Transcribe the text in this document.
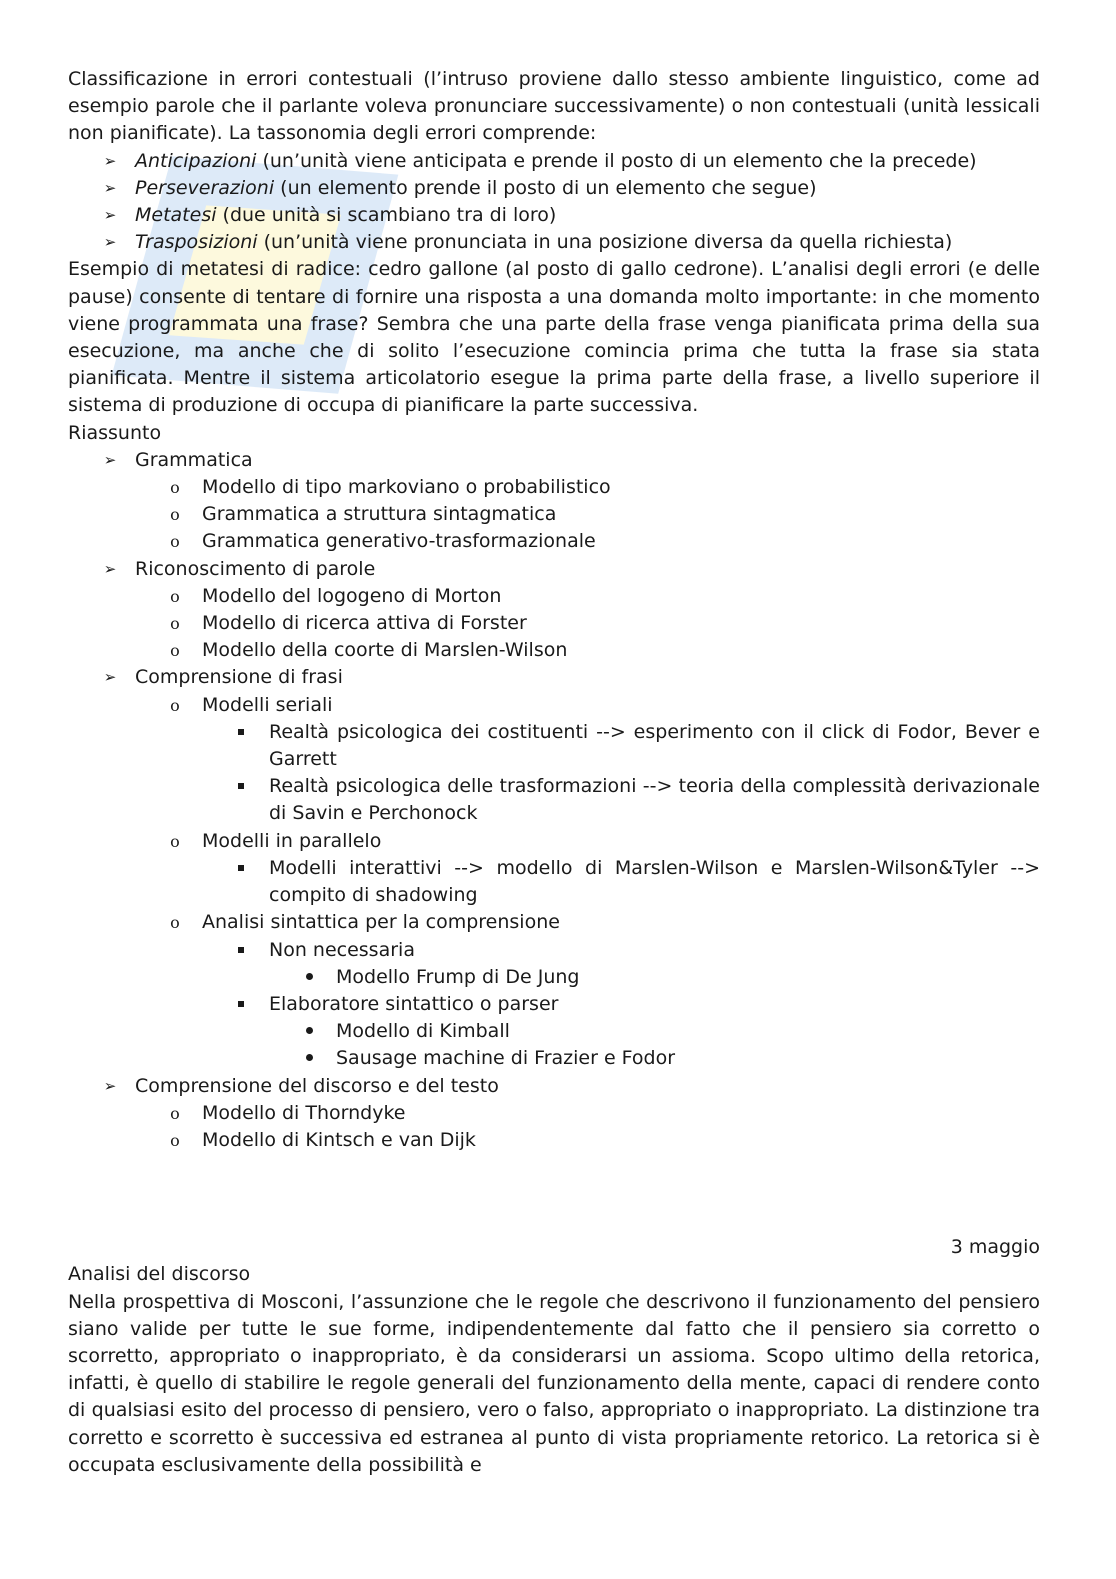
Classificazione in errori contestuali (l’intruso proviene dallo stesso ambiente linguistico, come ad esempio parole che il parlante voleva pronunciare successivamente) o non contestuali (unità lessicali non pianificate). La tassonomia degli errori comprende:

➢ Anticipazioni (un’unità viene anticipata e prende il posto di un elemento che la precede)
➢ Perseverazioni (un elemento prende il posto di un elemento che segue)
➢ Metatesi (due unità si scambiano tra di loro)
➢ Trasposizioni (un’unità viene pronunciata in una posizione diversa da quella richiesta)

Esempio di metatesi di radice: cedro gallone (al posto di gallo cedrone). L’analisi degli errori (e delle pause) consente di tentare di fornire una risposta a una domanda molto importante: in che momento viene programmata una frase? Sembra che una parte della frase venga pianificata prima della sua esecuzione, ma anche che di solito l’esecuzione comincia prima che tutta la frase sia stata pianificata. Mentre il sistema articolatorio esegue la prima parte della frase, a livello superiore il sistema di produzione di occupa di pianificare la parte successiva.

Riassunto

➢ Grammatica
o Modello di tipo markoviano o probabilistico
o Grammatica a struttura sintagmatica
o Grammatica generativo-trasformazionale
➢ Riconoscimento di parole
o Modello del logogeno di Morton
o Modello di ricerca attiva di Forster
o Modello della coorte di Marslen-Wilson
➢ Comprensione di frasi
o Modelli seriali
Realtà psicologica dei costituenti --> esperimento con il click di Fodor, Bever e Garrett
Realtà psicologica delle trasformazioni --> teoria della complessità derivazionale di Savin e Perchonock
o Modelli in parallelo
Modelli interattivi --> modello di Marslen-Wilson e Marslen-Wilson&Tyler --> compito di shadowing
o Analisi sintattica per la comprensione
Non necessaria
Modello Frump di De Jung
Elaboratore sintattico o parser
Modello di Kimball
Sausage machine di Frazier e Fodor
➢ Comprensione del discorso e del testo
o Modello di Thorndyke
o Modello di Kintsch e van Dijk

3 maggio

Analisi del discorso

Nella prospettiva di Mosconi, l’assunzione che le regole che descrivono il funzionamento del pensiero siano valide per tutte le sue forme, indipendentemente dal fatto che il pensiero sia corretto o scorretto, appropriato o inappropriato, è da considerarsi un assioma. Scopo ultimo della retorica, infatti, è quello di stabilire le regole generali del funzionamento della mente, capaci di rendere conto di qualsiasi esito del processo di pensiero, vero o falso, appropriato o inappropriato. La distinzione tra corretto e scorretto è successiva ed estranea al punto di vista propriamente retorico. La retorica si è occupata esclusivamente della possibilità e
